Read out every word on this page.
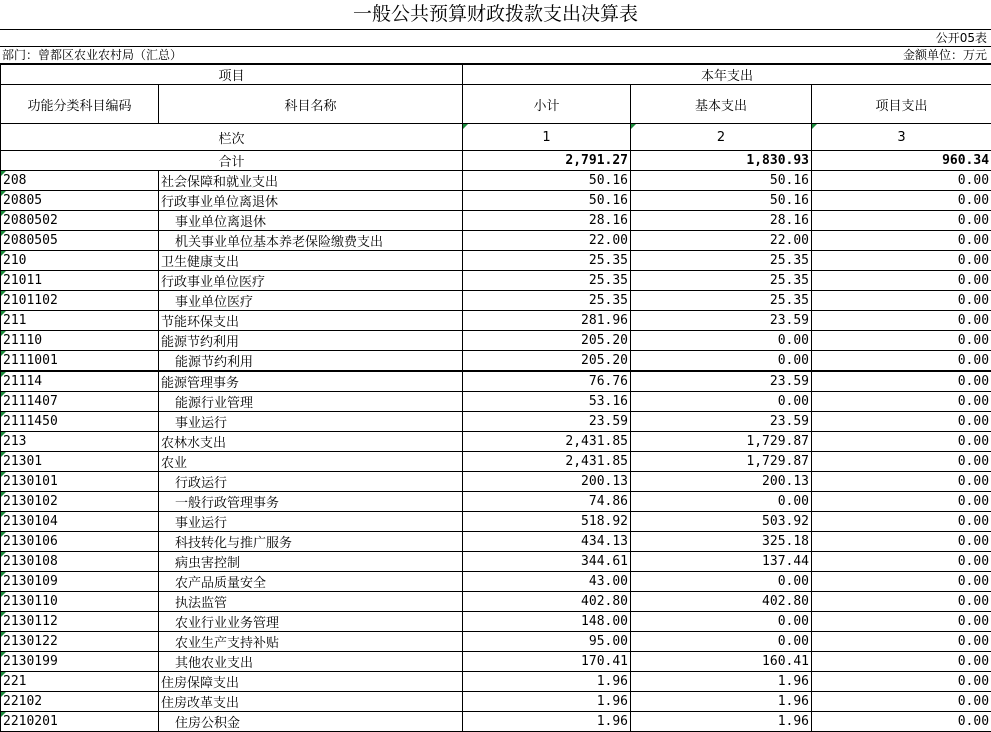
一般公共预算财政拨款支出决算表
公开05表
部门：曾都区农业农村局（汇总）	金额单位：万元
项目		本年支出		
功能分类科目编码	科目名称	小计	基本支出	项目支出
栏次		1	2	3
合计		2,791.27	1,830.93	960.34
208	社会保障和就业支出	50.16	50.16	0.00
20805	行政事业单位离退休	50.16	50.16	0.00
2080502	事业单位离退休	28.16	28.16	0.00
2080505	机关事业单位基本养老保险缴费支出	22.00	22.00	0.00
210	卫生健康支出	25.35	25.35	0.00
21011	行政事业单位医疗	25.35	25.35	0.00
2101102	事业单位医疗	25.35	25.35	0.00
211	节能环保支出	281.96	23.59	0.00
21110	能源节约利用	205.20	0.00	0.00
2111001	能源节约利用	205.20	0.00	0.00
21114	能源管理事务	76.76	23.59	0.00
2111407	能源行业管理	53.16	0.00	0.00
2111450	事业运行	23.59	23.59	0.00
213	农林水支出	2,431.85	1,729.87	0.00
21301	农业	2,431.85	1,729.87	0.00
2130101	行政运行	200.13	200.13	0.00
2130102	一般行政管理事务	74.86	0.00	0.00
2130104	事业运行	518.92	503.92	0.00
2130106	科技转化与推广服务	434.13	325.18	0.00
2130108	病虫害控制	344.61	137.44	0.00
2130109	农产品质量安全	43.00	0.00	0.00
2130110	执法监管	402.80	402.80	0.00
2130112	农业行业业务管理	148.00	0.00	0.00
2130122	农业生产支持补贴	95.00	0.00	0.00
2130199	其他农业支出	170.41	160.41	0.00
221	住房保障支出	1.96	1.96	0.00
22102	住房改革支出	1.96	1.96	0.00
2210201	住房公积金	1.96	1.96	0.00
